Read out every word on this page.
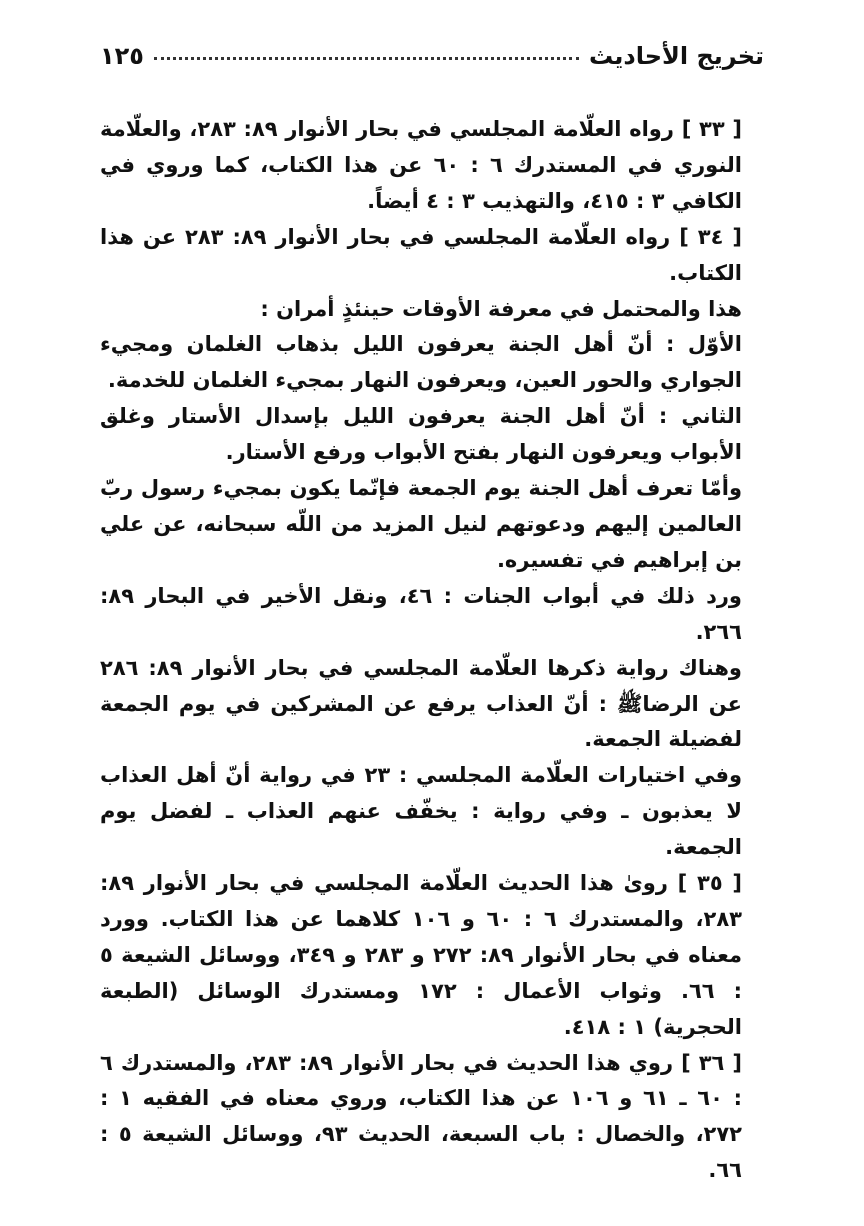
تخريج الأحاديث
١٢٥

[ ٣٣ ] رواه العلّامة المجلسي في بحار الأنوار ٨٩: ٢٨٣، والعلّامة النوري في المستدرك ٦ : ٦٠ عن هذا الكتاب، كما وروي في الكافي ٣ : ٤١٥، والتهذيب ٣ : ٤ أيضاً.

[ ٣٤ ] رواه العلّامة المجلسي في بحار الأنوار ٨٩: ٢٨٣ عن هذا الكتاب.

هذا والمحتمل في معرفة الأوقات حينئذٍ أمران :

الأوّل : أنّ أهل الجنة يعرفون الليل بذهاب الغلمان ومجيء الجواري والحور العين، ويعرفون النهار بمجيء الغلمان للخدمة.

الثاني : أنّ أهل الجنة يعرفون الليل بإسدال الأستار وغلق الأبواب ويعرفون النهار بفتح الأبواب ورفع الأستار.

وأمّا تعرف أهل الجنة يوم الجمعة فإنّما يكون بمجيء رسول ربّ العالمين إليهم ودعوتهم لنيل المزيد من اللّه سبحانه، عن علي بن إبراهيم في تفسيره.

ورد ذلك في أبواب الجنات : ٤٦، ونقل الأخير في البحار ٨٩: ٢٦٦.

وهناك رواية ذكرها العلّامة المجلسي في بحار الأنوار ٨٩: ٢٨٦ عن الرضاﷺ : أنّ العذاب يرفع عن المشركين في يوم الجمعة لفضيلة الجمعة.

وفي اختيارات العلّامة المجلسي : ٢٣ في رواية أنّ أهل العذاب لا يعذبون ـ وفي رواية : يخفّف عنهم العذاب ـ لفضل يوم الجمعة.

[ ٣٥ ] روىٰ هذا الحديث العلّامة المجلسي في بحار الأنوار ٨٩: ٢٨٣، والمستدرك ٦ : ٦٠ و ١٠٦ كلاهما عن هذا الكتاب. وورد معناه في بحار الأنوار ٨٩: ٢٧٢ و ٢٨٣ و ٣٤٩، ووسائل الشيعة ٥ : ٦٦. وثواب الأعمال : ١٧٢ ومستدرك الوسائل (الطبعة الحجرية) ١ : ٤١٨.

[ ٣٦ ] روي هذا الحديث في بحار الأنوار ٨٩: ٢٨٣، والمستدرك ٦ : ٦٠ ـ ٦١ و ١٠٦ عن هذا الكتاب، وروي معناه في الفقيه ١ : ٢٧٢، والخصال : باب السبعة، الحديث ٩٣، ووسائل الشيعة ٥ : ٦٦.
